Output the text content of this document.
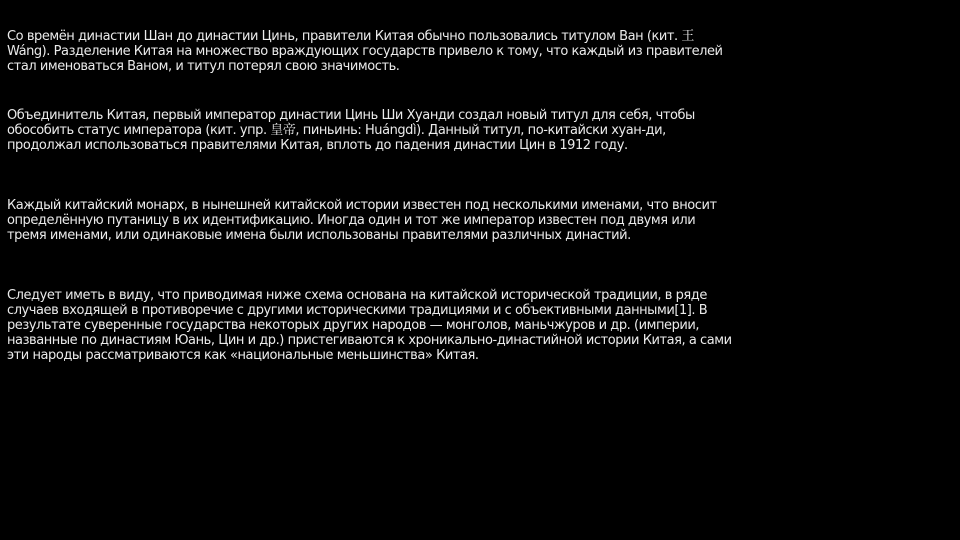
Со времён династии Шан до династии Цинь, правители Китая обычно пользовались титулом Ван (кит. 王 Wáng). Разделение Китая на множество враждующих государств привело к тому, что каждый из правителей стал именоваться Ваном, и титул потерял свою значимость.

Объединитель Китая, первый император династии Цинь Ши Хуанди создал новый титул для себя, чтобы обособить статус императора (кит. упр. 皇帝, пиньинь: Huángdì). Данный титул, по-китайски хуан-ди, продолжал использоваться правителями Китая, вплоть до падения династии Цин в 1912 году.

Каждый китайский монарх, в нынешней китайской истории известен под несколькими именами, что вносит определённую путаницу в их идентификацию. Иногда один и тот же император известен под двумя или тремя именами, или одинаковые имена были использованы правителями различных династий.

Следует иметь в виду, что приводимая ниже схема основана на китайской исторической традиции, в ряде случаев входящей в противоречие с другими историческими традициями и с объективными данными[1]. В результате суверенные государства некоторых других народов — монголов, маньчжуров и др. (империи, названные по династиям Юань, Цин и др.) пристегиваются к хроникально-династийной истории Китая, а сами эти народы рассматриваются как «национальные меньшинства» Китая.
